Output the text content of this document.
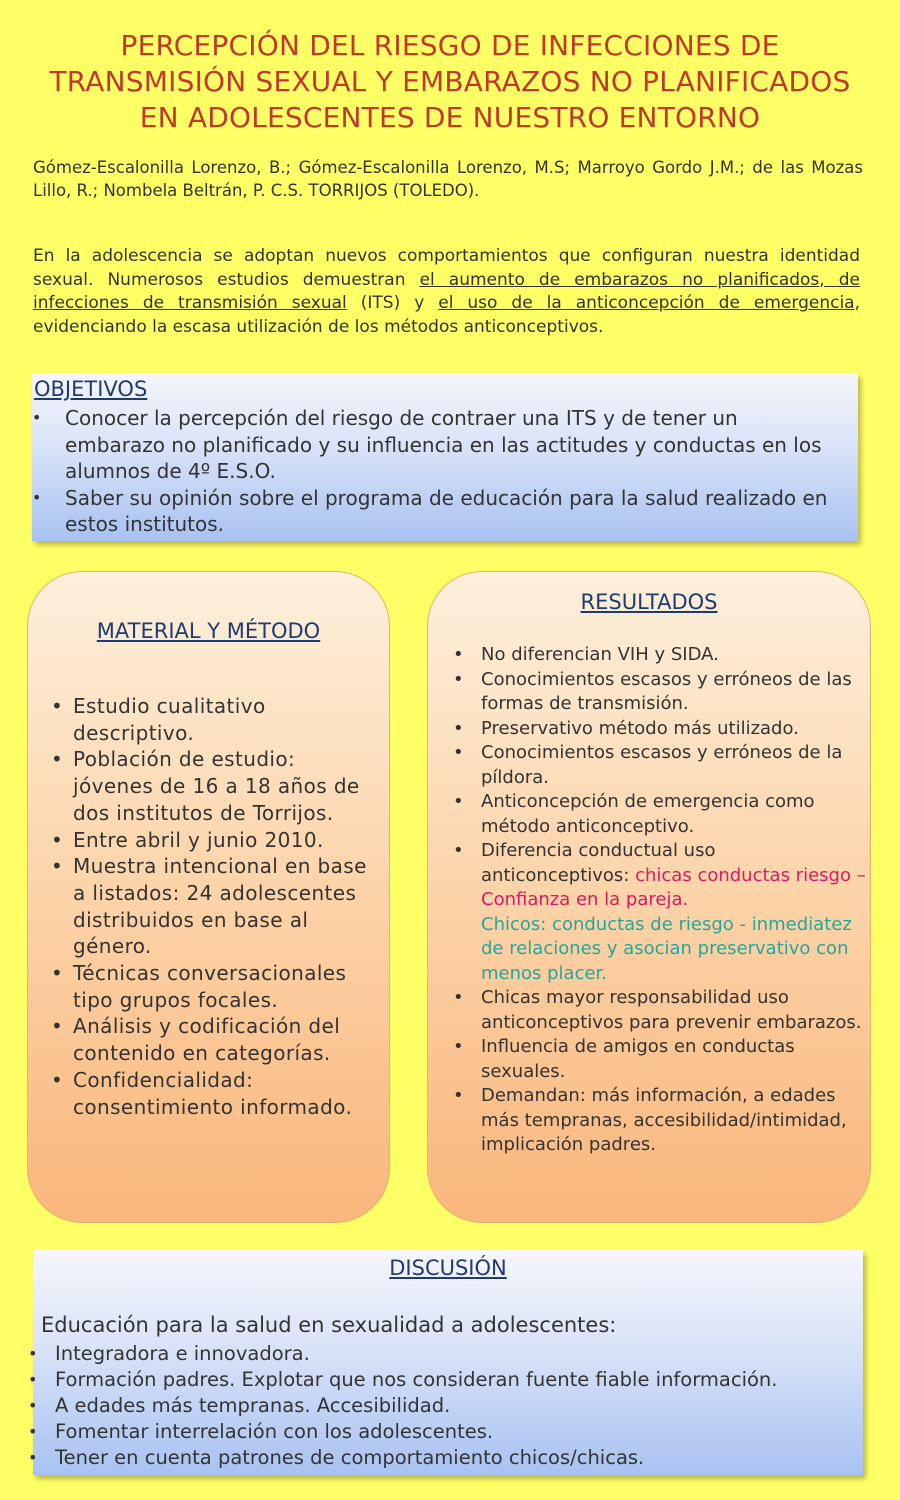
PERCEPCIÓN DEL RIESGO DE INFECCIONES DE
TRANSMISIÓN SEXUAL Y EMBARAZOS NO PLANIFICADOS
EN ADOLESCENTES DE NUESTRO ENTORNO
Gómez-Escalonilla Lorenzo, B.; Gómez-Escalonilla Lorenzo, M.S; Marroyo Gordo J.M.; de las Mozas Lillo, R.; Nombela Beltrán, P. C.S. TORRIJOS (TOLEDO).
En la adolescencia se adoptan nuevos comportamientos que configuran nuestra identidad sexual. Numerosos estudios demuestran el aumento de embarazos no planificados, de infecciones de transmisión sexual (ITS) y el uso de la anticoncepción de emergencia, evidenciando la escasa utilización de los métodos anticonceptivos.
OBJETIVOS
• Conocer la percepción del riesgo de contraer una ITS y de tener un embarazo no planificado y su influencia en las actitudes y conductas en los alumnos de 4º E.S.O.
• Saber su opinión sobre el programa de educación para la salud realizado en estos institutos.
MATERIAL Y MÉTODO
• Estudio cualitativo descriptivo.
• Población de estudio: jóvenes de 16 a 18 años de dos institutos de Torrijos.
• Entre abril y junio 2010.
• Muestra intencional en base a listados: 24 adolescentes distribuidos en base al género.
• Técnicas conversacionales tipo grupos focales.
• Análisis y codificación del contenido en categorías.
• Confidencialidad: consentimiento informado.
RESULTADOS
• No diferencian VIH y SIDA.
• Conocimientos escasos y erróneos de las formas de transmisión.
• Preservativo método más utilizado.
• Conocimientos escasos y erróneos de la píldora.
• Anticoncepción de emergencia como método anticonceptivo.
• Diferencia conductual uso anticonceptivos: chicas conductas riesgo – Confianza en la pareja.
Chicos: conductas de riesgo - inmediatez de relaciones y asocian preservativo con menos placer.
• Chicas mayor responsabilidad uso anticonceptivos para prevenir embarazos.
• Influencia de amigos en conductas sexuales.
• Demandan: más información, a edades más tempranas, accesibilidad/intimidad, implicación padres.
DISCUSIÓN
Educación para la salud en sexualidad a adolescentes:
• Integradora e innovadora.
• Formación padres. Explotar que nos consideran fuente fiable información.
• A edades más tempranas. Accesibilidad.
• Fomentar interrelación con los adolescentes.
• Tener en cuenta patrones de comportamiento chicos/chicas.
